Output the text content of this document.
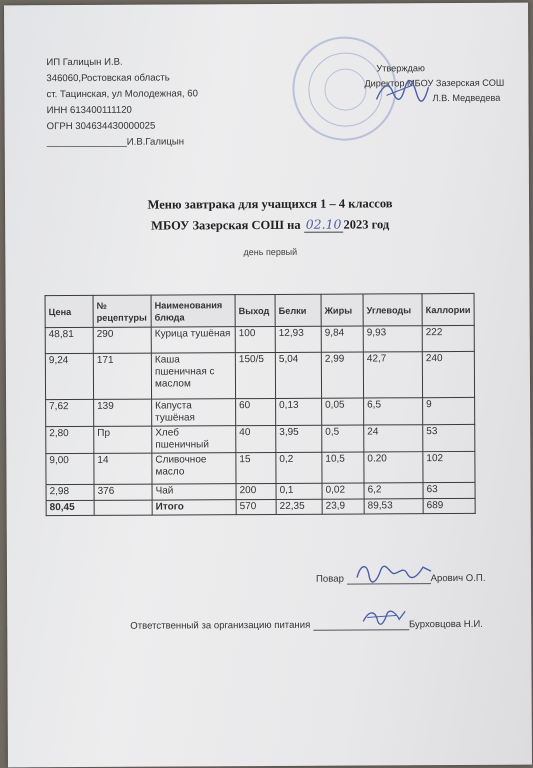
ИП Галицын И.В.
346060,Ростовская область
ст. Тацинская, ул Молодежная, 60
ИНН 613400111120
ОГРН 304634430000025
_______________И.В.Галицын
Утверждаю
Директор МБОУ Зазерская СОШ
Л.В. Медведева
Меню завтрака для учащихся 1 – 4 классов
МБОУ Зазерская СОШ на 02.10 2023 год
день первый
Цена	№ рецептуры	Наименования блюда	Выход	Белки	Жиры	Углеводы	Каллории
48,81	290	Курица тушёная	100	12,93	9,84	9,93	222
9,24	171	Каша пшеничная с маслом	150/5	5,04	2,99	42,7	240
7,62	139	Капуста тушёная	60	0,13	0,05	6,5	9
2,80	Пр	Хлеб пшеничный	40	3,95	0,5	24	53
9,00	14	Сливочное масло	15	0,2	10,5	0.20	102
2,98	376	Чай	200	0,1	0,02	6,2	63
80,45		Итого	570	22,35	23,9	89,53	689
Повар	Арович О.П.
Ответственный за организацию питания	Бурховцова Н.И.
